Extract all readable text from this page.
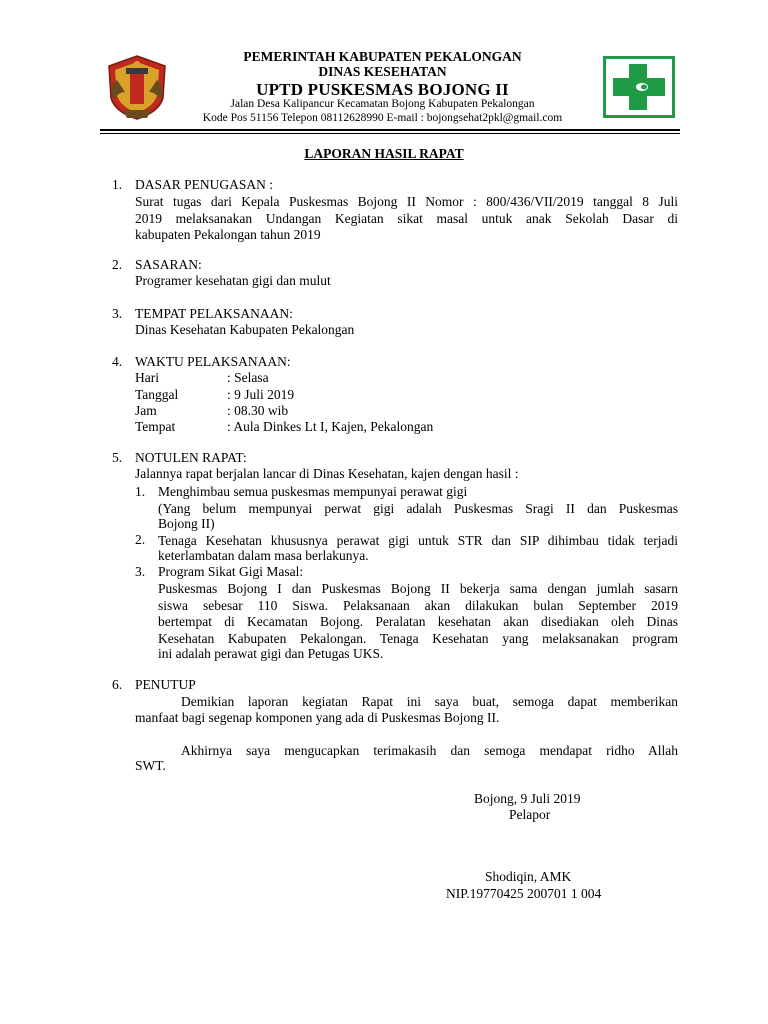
PEMERINTAH KABUPATEN PEKALONGAN
DINAS KESEHATAN
UPTD PUSKESMAS BOJONG II
Jalan Desa Kalipancur Kecamatan Bojong Kabupaten Pekalongan
Kode Pos 51156 Telepon 08112628990 E-mail : bojongsehat2pkl@gmail.com
LAPORAN HASIL RAPAT
1. DASAR PENUGASAN :
Surat tugas dari Kepala Puskesmas Bojong II Nomor : 800/436/VII/2019 tanggal 8 Juli
2019 melaksanakan Undangan Kegiatan sikat masal untuk anak Sekolah Dasar di
kabupaten Pekalongan tahun 2019
2. SASARAN:
Programer kesehatan gigi dan mulut
3. TEMPAT PELAKSANAAN:
Dinas Kesehatan Kabupaten Pekalongan
4. WAKTU PELAKSANAAN:
Hari	: Selasa
Tanggal	: 9 Juli 2019
Jam	: 08.30 wib
Tempat	: Aula Dinkes Lt I, Kajen, Pekalongan
5. NOTULEN RAPAT:
Jalannya rapat berjalan lancar di Dinas Kesehatan, kajen dengan hasil :
1. Menghimbau semua puskesmas mempunyai perawat gigi
(Yang belum mempunyai perwat gigi adalah Puskesmas Sragi II dan Puskesmas
Bojong II)
2. Tenaga Kesehatan khususnya perawat gigi untuk STR dan SIP dihimbau tidak terjadi
keterlambatan dalam masa berlakunya.
3. Program Sikat Gigi Masal:
Puskesmas Bojong I dan Puskesmas Bojong II bekerja sama dengan jumlah sasarn
siswa sebesar 110 Siswa. Pelaksanaan akan dilakukan bulan September 2019
bertempat di Kecamatan Bojong. Peralatan kesehatan akan disediakan oleh Dinas
Kesehatan Kabupaten Pekalongan. Tenaga Kesehatan yang melaksanakan program
ini adalah perawat gigi dan Petugas UKS.
6. PENUTUP
Demikian laporan kegiatan Rapat ini saya buat, semoga dapat memberikan
manfaat bagi segenap komponen yang ada di Puskesmas Bojong II.
Akhirnya saya mengucapkan terimakasih dan semoga mendapat ridho Allah
SWT.
Bojong, 9 Juli 2019
Pelapor
Shodiqin, AMK
NIP.19770425 200701 1 004
